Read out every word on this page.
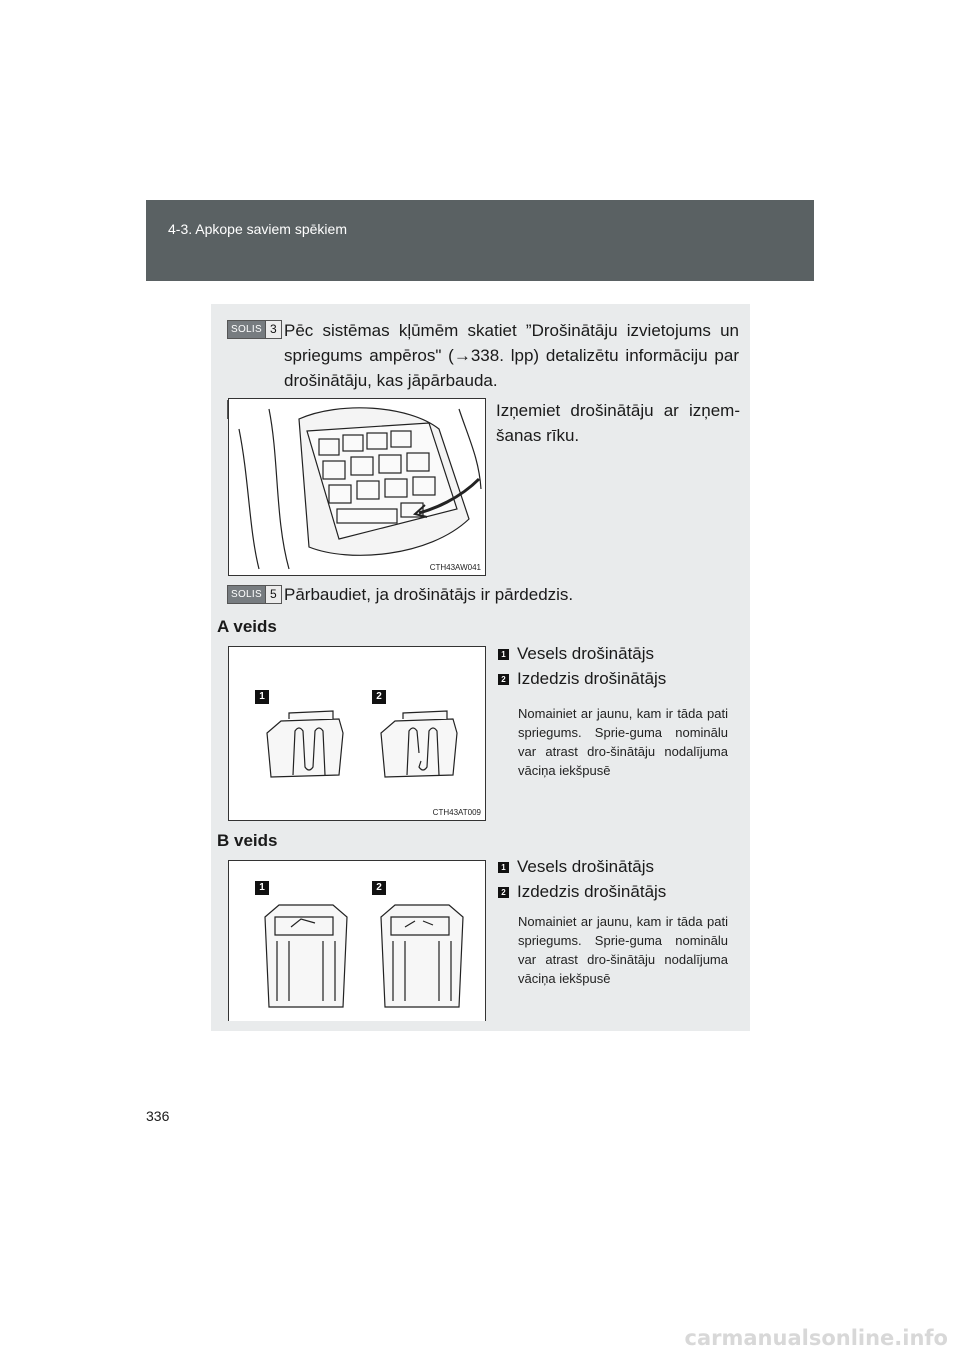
4-3. Apkope saviem spēkiem
SOLIS 3 Pēc sistēmas kļūmēm skatiet ”Drošinātāju izvietojums un spriegums ampēros" (→338. lpp) detalizētu informāciju par drošinātāju, kas jāpārbauda.
CTH43AW041
Izņemiet drošinātāju ar izņem-šanas rīku.
SOLIS 5 Pārbaudiet, ja drošinātājs ir pārdedzis.
A veids
1	2
CTH43AT009
1 Vesels drošinātājs
2 Izdedzis drošinātājs
Nomainiet ar jaunu, kam ir tāda pati spriegums. Sprie-guma nominālu var atrast dro-šinātāju nodalījuma vāciņa iekšpusē
B veids
1	2
1 Vesels drošinātājs
2 Izdedzis drošinātājs
Nomainiet ar jaunu, kam ir tāda pati spriegums. Sprie-guma nominālu var atrast dro-šinātāju nodalījuma vāciņa iekšpusē
336
carmanualsonline.info
